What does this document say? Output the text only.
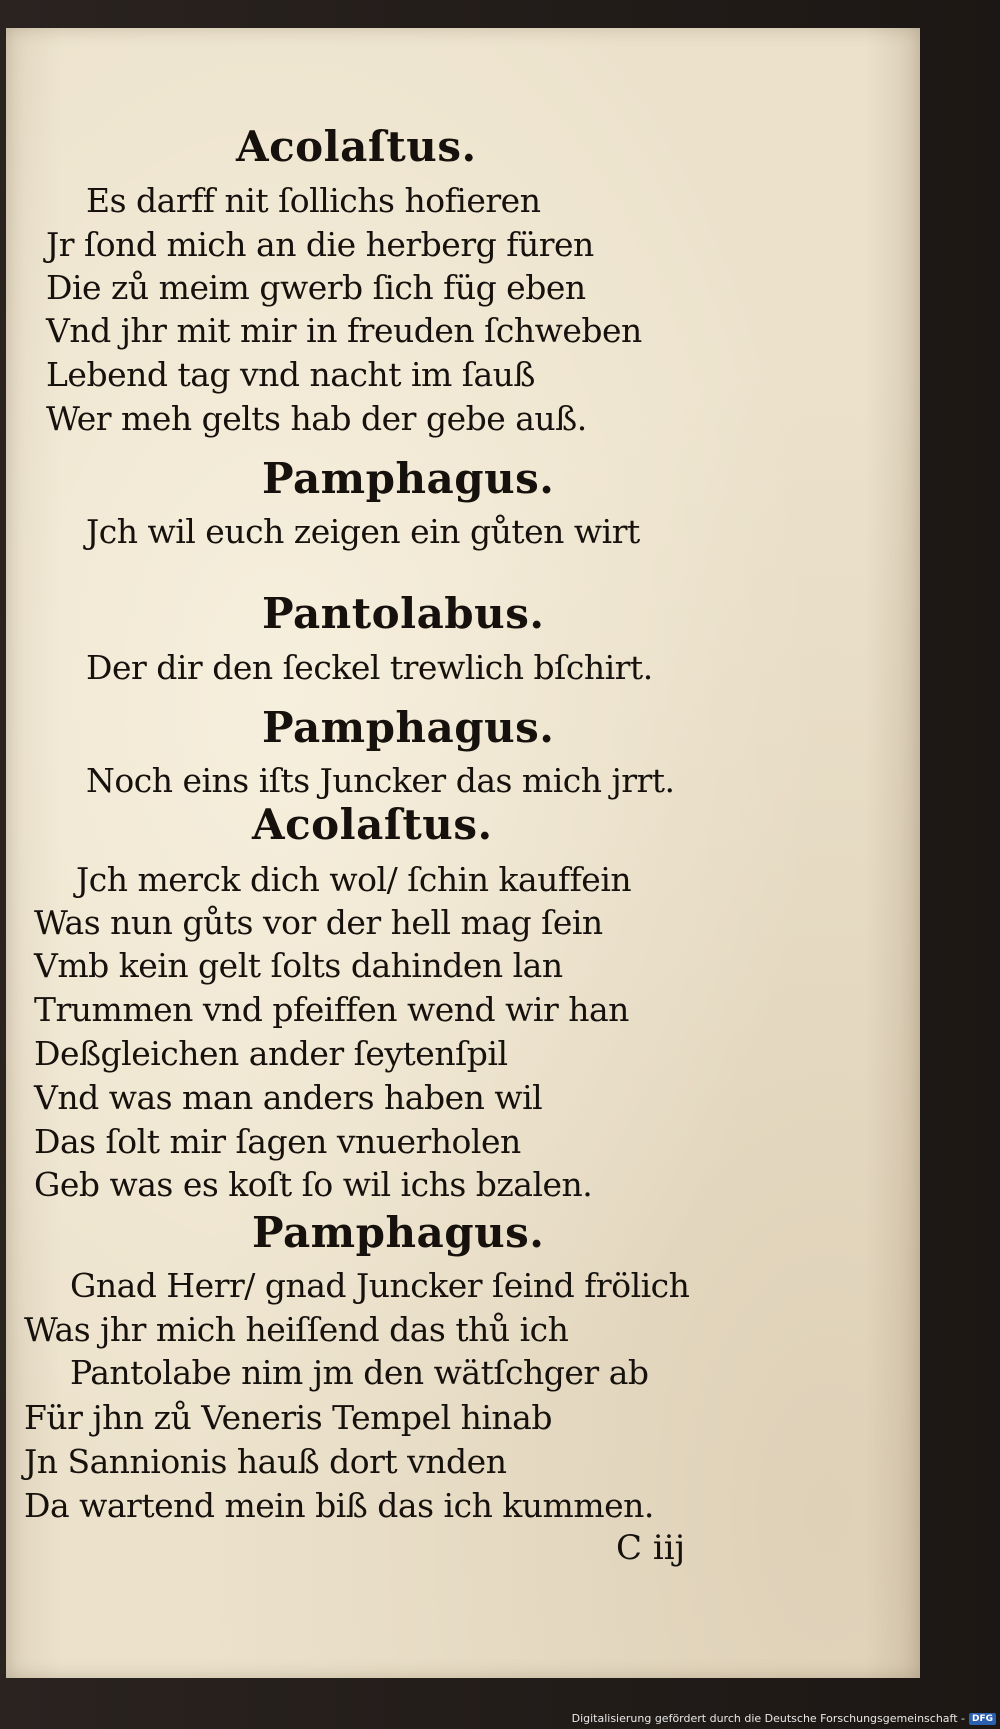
Acolaſtus.
Es darff nit ſollichs hofieren
Jr ſond mich an die herberg füren
Die zů meim gwerb ſich füg eben
Vnd jhr mit mir in freuden ſchweben
Lebend tag vnd nacht im ſauß
Wer meh gelts hab der gebe auß.
Pamphagus.
Jch wil euch zeigen ein gůten wirt
Pantolabus.
Der dir den ſeckel trewlich bſchirt.
Pamphagus.
Noch eins iſts Juncker das mich jrrt.
Acolaſtus.
Jch merck dich wol/ ſchin kauffein
Was nun gůts vor der hell mag ſein
Vmb kein gelt ſolts dahinden lan
Trummen vnd pfeiffen wend wir han
Deßgleichen ander ſeytenſpil
Vnd was man anders haben wil
Das ſolt mir ſagen vnuerholen
Geb was es koſt ſo wil ichs bzalen.
Pamphagus.
Gnad Herr/ gnad Juncker ſeind frölich
Was jhr mich heiſſend das thů ich
Pantolabe nim jm den wätſchger ab
Für jhn zů Veneris Tempel hinab
Jn Sannionis hauß dort vnden
Da wartend mein biß das ich kummen.
C iij
Digitalisierung gefördert durch die Deutsche Forschungsgemeinschaft - DFG
